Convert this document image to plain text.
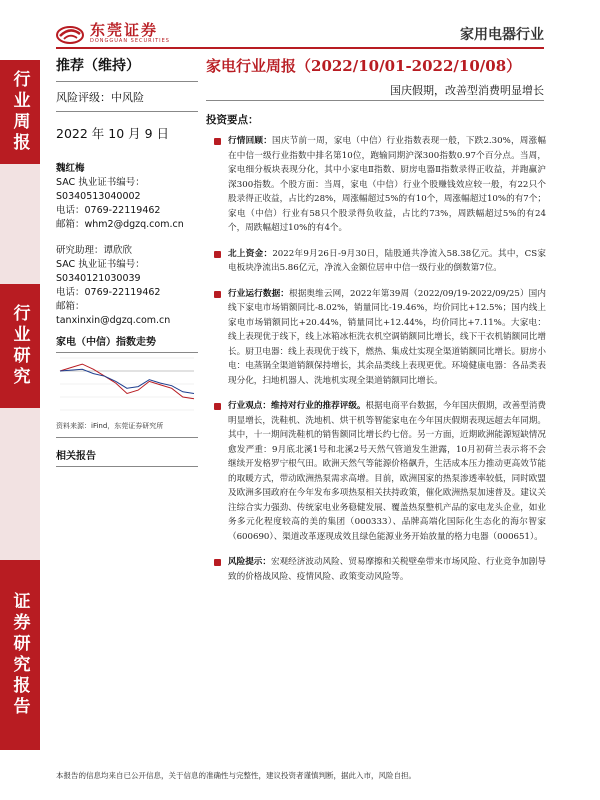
东莞证券
DONGGUAN SECURITIES	家用电器行业
行业周报
行业研究
证券研究报告
推荐（维持）
风险评级：中风险
2022 年 10 月 9 日
魏红梅
SAC 执业证书编号：
S0340513040002
电话：0769-22119462
邮箱：whm2@dgzq.com.cn
研究助理：谭欣欣
SAC 执业证书编号：
S0340121030039
电话：0769-22119462
邮箱：
tanxinxin@dgzq.com.cn
家电（中信）指数走势
资料来源：iFind，东莞证券研究所
相关报告
家电行业周报（2022/10/01-2022/10/08）
国庆假期，改善型消费明显增长
投资要点：
行情回顾：国庆节前一周，家电（中信）行业指数表现一般，下跌2.30%，周涨幅在中信一级行业指数中排名第10位，跑输同期沪深300指数0.97个百分点。当周，家电细分板块表现分化，其中小家电Ⅱ指数、厨房电器Ⅱ指数录得正收益，并跑赢沪深300指数。个股方面：当周，家电（中信）行业个股赚钱效应较一般，有22只个股录得正收益，占比约28%，周涨幅超过5%的有10个，周涨幅超过10%的有7个；家电（中信）行业有58只个股录得负收益，占比约73%，周跌幅超过5%的有24个，周跌幅超过10%的有4个。
北上资金：2022年9月26日-9月30日，陆股通共净流入58.38亿元。其中，CS家电板块净流出5.86亿元，净流入金额位居申中信一级行业的倒数第7位。
行业运行数据：根据奥维云网，2022年第39周（2022/09/19-2022/09/25）国内线下家电市场销额同比-8.02%，销量同比-19.46%，均价同比+12.5%；国内线上家电市场销额同比+20.44%，销量同比+12.44%，均价同比+7.11%。大家电：线上表现优于线下，线上冰箱冰柜洗衣机空调销额同比增长，线下干衣机销额同比增长。厨卫电器：线上表现优于线下，燃热、集成灶实现全渠道销额同比增长。厨房小电：电蒸锅全渠道销额保持增长，其余品类线上表现更优。环境健康电器：各品类表现分化，扫地机器人、洗地机实现全渠道销额同比增长。
行业观点：维持对行业的推荐评级。根据电商平台数据，今年国庆假期，改善型消费明显增长，洗鞋机、洗地机、烘干机等智能家电在今年国庆假期表现远超去年同期。其中，十一期间洗鞋机的销售额同比增长约七倍。另一方面，近期欧洲能源短缺情况愈发严重：9月底北溪1号和北溪2号天然气管道发生泄露，10月初荷兰表示将不会继续开发格罗宁根气田。欧洲天然气等能源价格飙升，生活成本压力推动更高效节能的取暖方式，带动欧洲热泵需求高增。目前，欧洲国家的热泵渗透率较低，同时欧盟及欧洲多国政府在今年发布多项热泵相关扶持政策，催化欧洲热泵加速普及。建议关注综合实力强劲、传统家电业务稳健发展、覆盖热泵整机产品的家电龙头企业，如业务多元化程度较高的美的集团（000333）、品牌高端化国际化生态化的海尔智家（600690）、渠道改革逐现成效且绿色能源业务开始放量的格力电器（000651）。
风险提示：宏观经济波动风险、贸易摩擦和关税壁垒带来市场风险、行业竞争加剧导致的价格战风险、疫情风险、政策变动风险等。
本报告的信息均来自已公开信息，关于信息的准确性与完整性，建议投资者谨慎判断，据此入市，风险自担。
